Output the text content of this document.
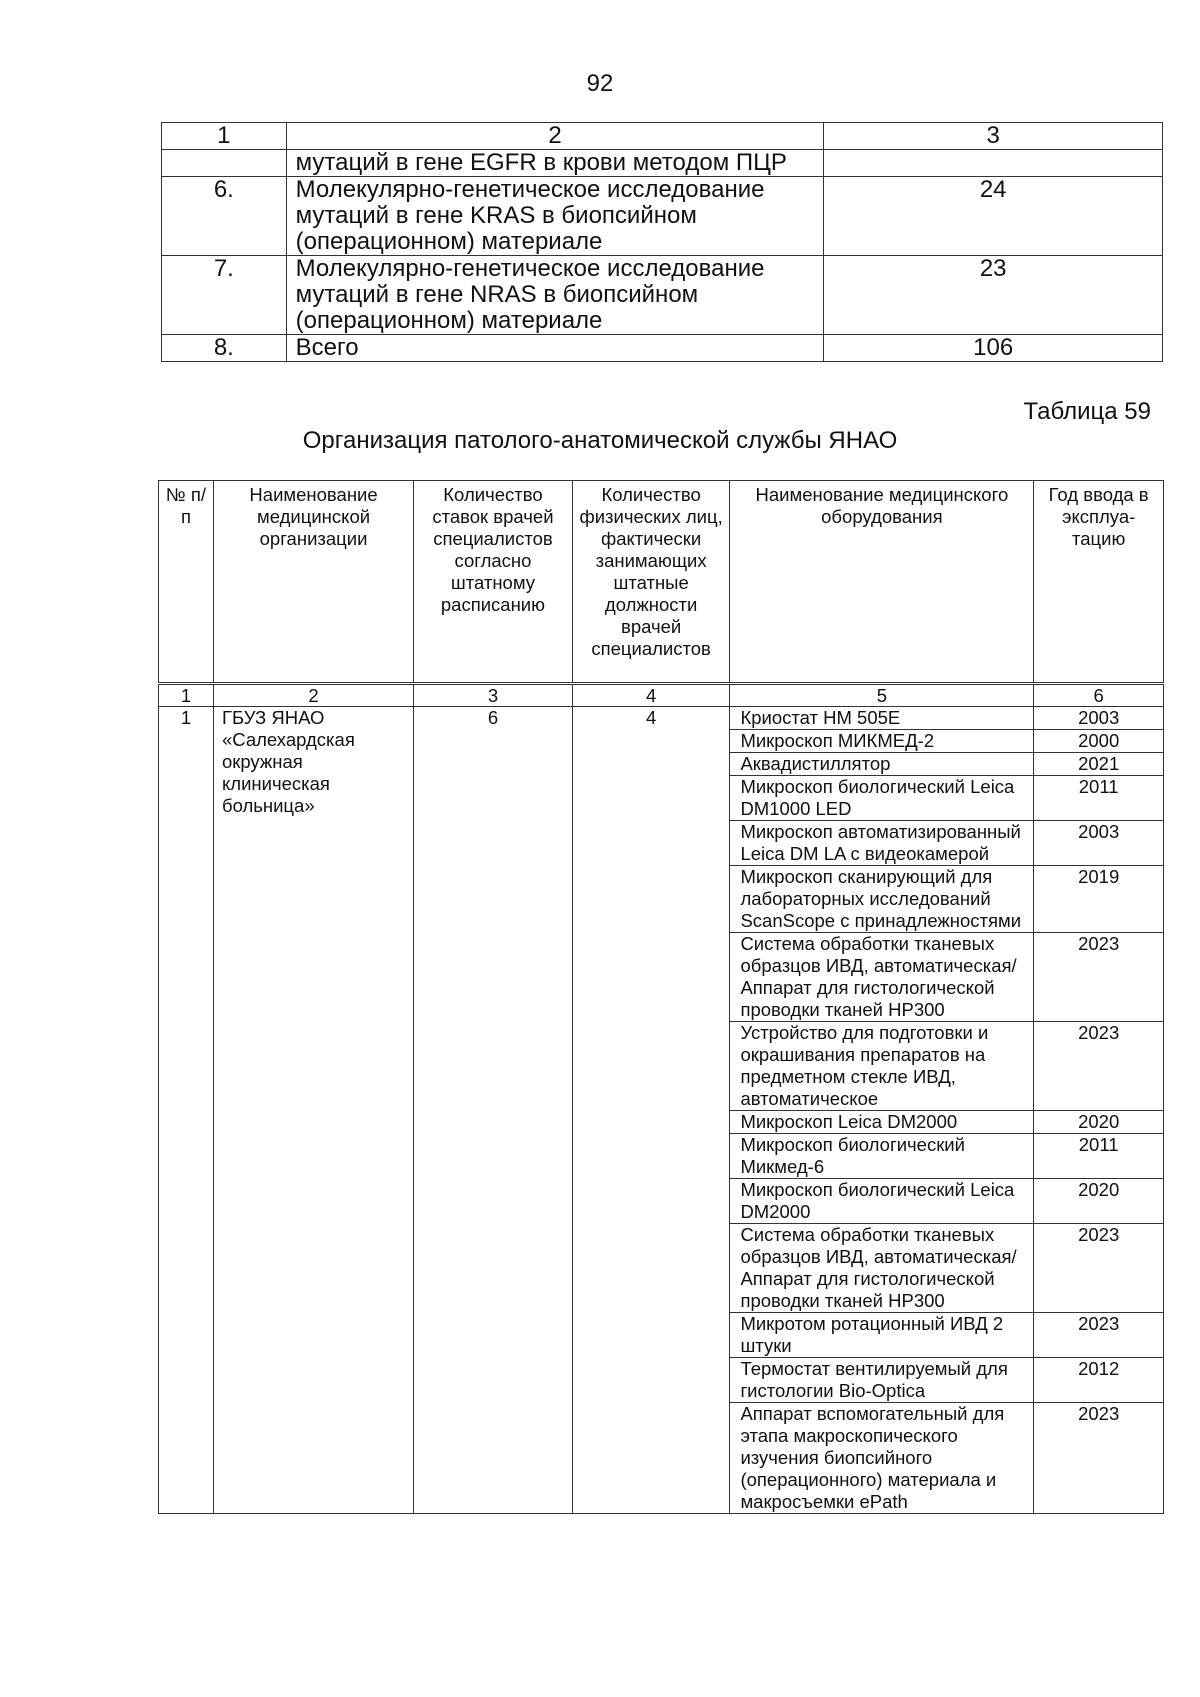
92
1	2	3
	мутаций в гене EGFR в крови методом ПЦР	
6.	Молекулярно-генетическое исследование мутаций в гене KRAS в биопсийном (операционном) материале	24
7.	Молекулярно-генетическое исследование мутаций в гене NRAS в биопсийном (операционном) материале	23
8.	Всего	106
Таблица 59
Организация патолого-анатомической службы ЯНАО
№ п/п	Наименование медицинской организации	Количество ставок врачей специалистов согласно штатному расписанию	Количество физических лиц, фактически занимающих штатные должности врачей специалистов	Наименование медицинского оборудования	Год ввода в эксплуа-тацию
1	2	3	4	5	6
1	ГБУЗ ЯНАО «Салехардская окружная клиническая больница»	6	4	Криостат НМ 505Е	2003
				Микроскоп МИКМЕД-2	2000
				Аквадистиллятор	2021
				Микроскоп биологический Leica DM1000 LED	2011
				Микроскоп автоматизированный Leica DM LA с видеокамерой	2003
				Микроскоп сканирующий для лабораторных исследований ScanScope с принадлежностями	2019
				Система обработки тканевых образцов ИВД, автоматическая/Аппарат для гистологической проводки тканей HP300	2023
				Устройство для подготовки и окрашивания препаратов на предметном стекле ИВД, автоматическое	2023
				Микроскоп Leica DM2000	2020
				Микроскоп биологический Микмед-6	2011
				Микроскоп биологический Leica DM2000	2020
				Система обработки тканевых образцов ИВД, автоматическая/Аппарат для гистологической проводки тканей HP300	2023
				Микротом ротационный ИВД 2 штуки	2023
				Термостат вентилируемый для гистологии Bio-Optica	2012
				Аппарат вспомогательный для этапа макроскопического изучения биопсийного (операционного) материала и макросъемки ePath	2023
